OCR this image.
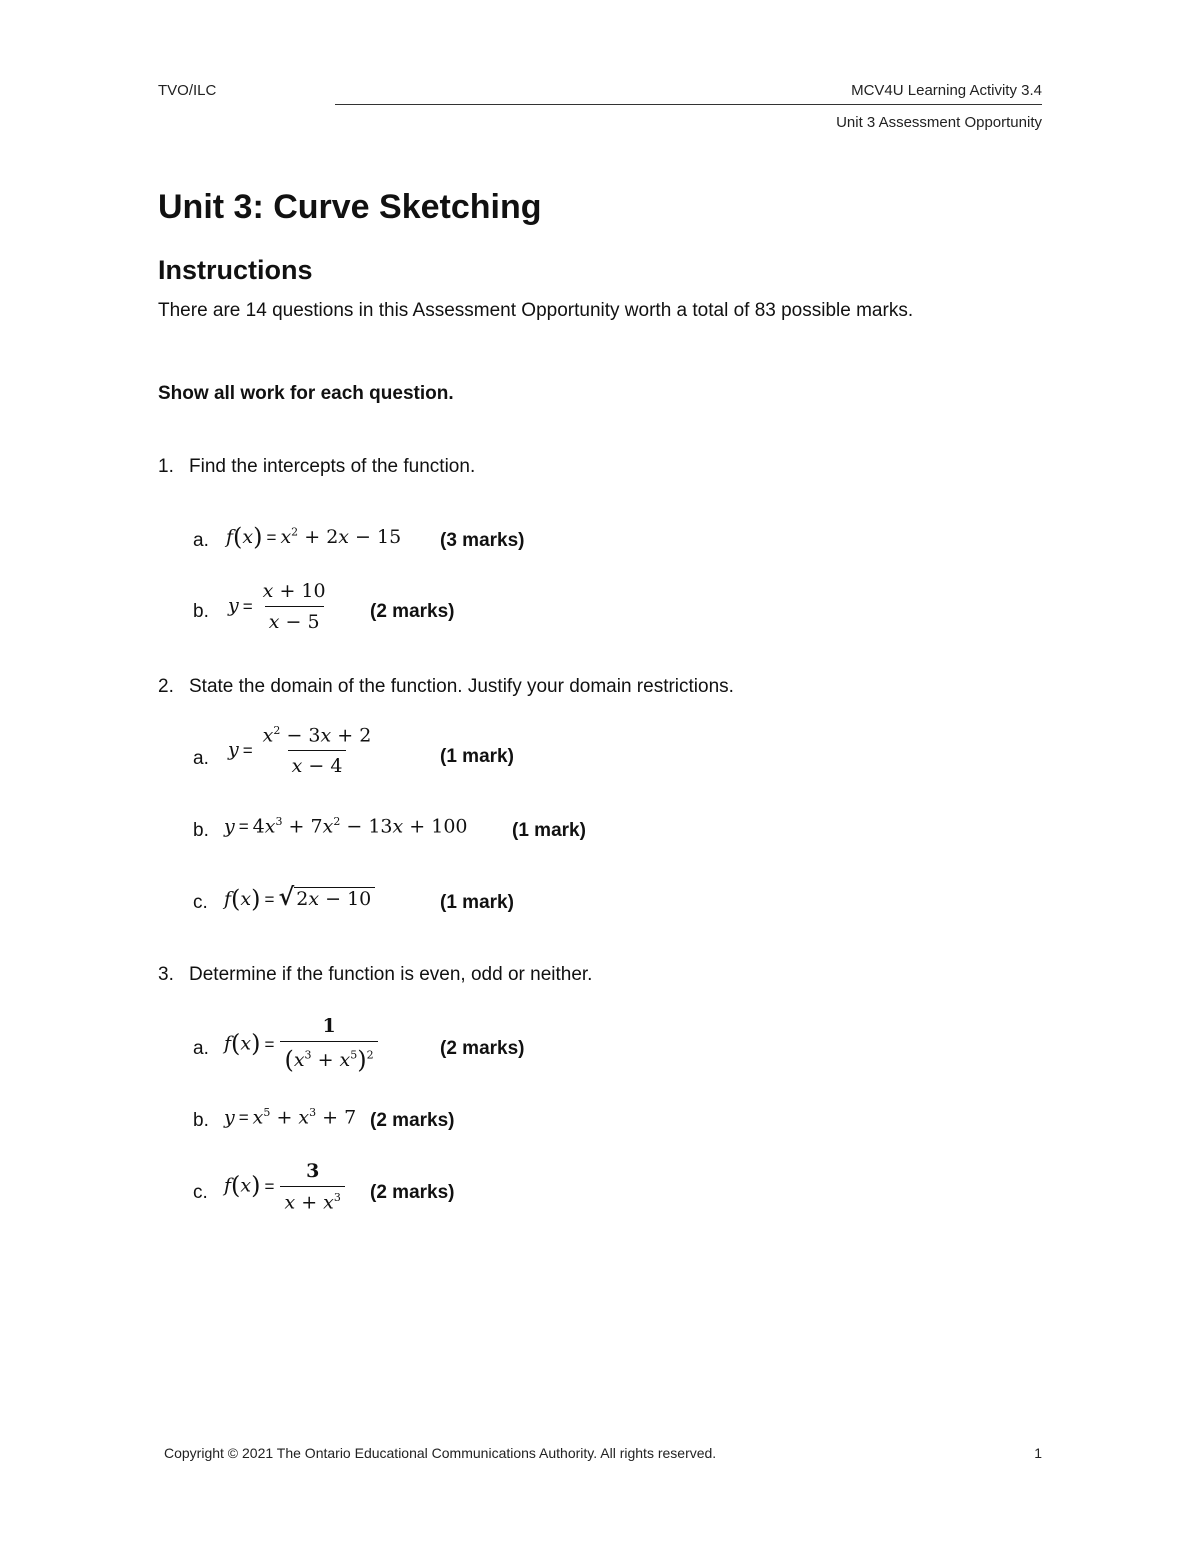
TVO/ILC	MCV4U Learning Activity 3.4
Unit 3 Assessment Opportunity
Unit 3: Curve Sketching
Instructions
There are 14 questions in this Assessment Opportunity worth a total of 83 possible marks.
Show all work for each question.
1. Find the intercepts of the function.
a. $f(x) = x^2 + 2x - 15$ (3 marks)
b. $y = \frac{x + 10}{x - 5} (2$ marks)
2. State the domain of the function. Justify your domain restrictions.
a. $y = \frac{x^2 - 3x + 2}{x - 4}$	(1 mark)
b. $y = 4x^3 + 7x^2 - 13x + 100$ (1 mark)
c. f(x) = √ 2x − 10	(1 mark)
3. Determine if the function is even, odd or neither.
a. $f(x) = \frac{1}{(x^3 + x^5)^2}$	(2 marks)
b. $y = x^5 + x^3 + 7$ (2 marks)
c. $f(x) = \frac{3}{x + x^3} (2$ marks)
Copyright © 2021 The Ontario Educational Communications Authority. All rights reserved.	1
